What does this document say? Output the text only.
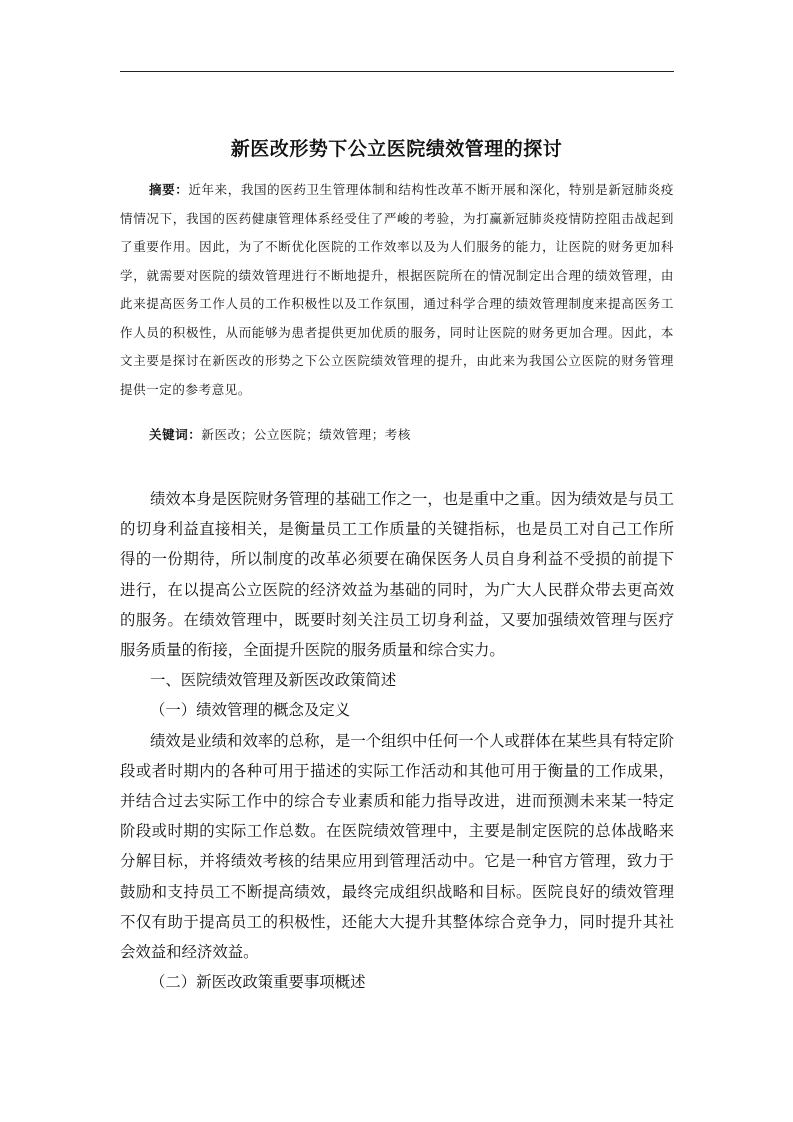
新医改形势下公立医院绩效管理的探讨
摘要：近年来，我国的医药卫生管理体制和结构性改革不断开展和深化，特别是新冠肺炎疫情情况下，我国的医药健康管理体系经受住了严峻的考验，为打赢新冠肺炎疫情防控阻击战起到了重要作用。因此，为了不断优化医院的工作效率以及为人们服务的能力，让医院的财务更加科学，就需要对医院的绩效管理进行不断地提升，根据医院所在的情况制定出合理的绩效管理，由此来提高医务工作人员的工作积极性以及工作氛围，通过科学合理的绩效管理制度来提高医务工作人员的积极性，从而能够为患者提供更加优质的服务，同时让医院的财务更加合理。因此，本文主要是探讨在新医改的形势之下公立医院绩效管理的提升，由此来为我国公立医院的财务管理提供一定的参考意见。
关键词：新医改；公立医院；绩效管理；考核

绩效本身是医院财务管理的基础工作之一，也是重中之重。因为绩效是与员工的切身利益直接相关，是衡量员工工作质量的关键指标，也是员工对自己工作所得的一份期待，所以制度的改革必须要在确保医务人员自身利益不受损的前提下进行，在以提高公立医院的经济效益为基础的同时，为广大人民群众带去更高效的服务。在绩效管理中，既要时刻关注员工切身利益，又要加强绩效管理与医疗服务质量的衔接，全面提升医院的服务质量和综合实力。

一、医院绩效管理及新医改政策简述

（一）绩效管理的概念及定义

绩效是业绩和效率的总称，是一个组织中任何一个人或群体在某些具有特定阶段或者时期内的各种可用于描述的实际工作活动和其他可用于衡量的工作成果，并结合过去实际工作中的综合专业素质和能力指导改进，进而预测未来某一特定阶段或时期的实际工作总数。在医院绩效管理中，主要是制定医院的总体战略来分解目标，并将绩效考核的结果应用到管理活动中。它是一种官方管理，致力于鼓励和支持员工不断提高绩效，最终完成组织战略和目标。医院良好的绩效管理不仅有助于提高员工的积极性，还能大大提升其整体综合竞争力，同时提升其社会效益和经济效益。

（二）新医改政策重要事项概述
